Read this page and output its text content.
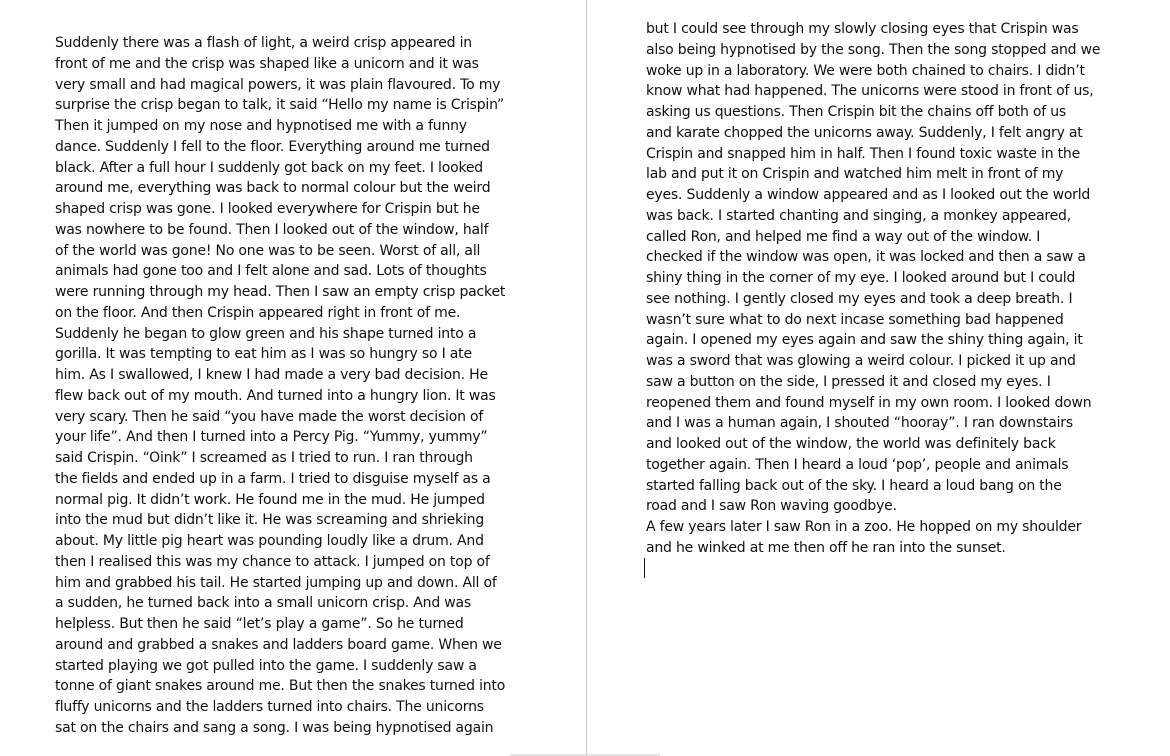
Suddenly there was a flash of light, a weird crisp appeared in
front of me and the crisp was shaped like a unicorn and it was
very small and had magical powers, it was plain flavoured. To my
surprise the crisp began to talk, it said “Hello my name is Crispin”
Then it jumped on my nose and hypnotised me with a funny
dance. Suddenly I fell to the floor. Everything around me turned
black. After a full hour I suddenly got back on my feet. I looked
around me, everything was back to normal colour but the weird
shaped crisp was gone. I looked everywhere for Crispin but he
was nowhere to be found. Then I looked out of the window, half
of the world was gone! No one was to be seen. Worst of all, all
animals had gone too and I felt alone and sad. Lots of thoughts
were running through my head. Then I saw an empty crisp packet
on the floor. And then Crispin appeared right in front of me.
Suddenly he began to glow green and his shape turned into a
gorilla. It was tempting to eat him as I was so hungry so I ate
him. As I swallowed, I knew I had made a very bad decision. He
flew back out of my mouth. And turned into a hungry lion. It was
very scary. Then he said “you have made the worst decision of
your life”. And then I turned into a Percy Pig. “Yummy, yummy”
said Crispin. “Oink” I screamed as I tried to run. I ran through
the fields and ended up in a farm. I tried to disguise myself as a
normal pig. It didn’t work. He found me in the mud. He jumped
into the mud but didn’t like it. He was screaming and shrieking
about. My little pig heart was pounding loudly like a drum. And
then I realised this was my chance to attack. I jumped on top of
him and grabbed his tail. He started jumping up and down. All of
a sudden, he turned back into a small unicorn crisp. And was
helpless. But then he said “let’s play a game”. So he turned
around and grabbed a snakes and ladders board game. When we
started playing we got pulled into the game. I suddenly saw a
tonne of giant snakes around me. But then the snakes turned into
fluffy unicorns and the ladders turned into chairs. The unicorns
sat on the chairs and sang a song. I was being hypnotised again
but I could see through my slowly closing eyes that Crispin was
also being hypnotised by the song. Then the song stopped and we
woke up in a laboratory. We were both chained to chairs. I didn’t
know what had happened. The unicorns were stood in front of us,
asking us questions. Then Crispin bit the chains off both of us
and karate chopped the unicorns away. Suddenly, I felt angry at
Crispin and snapped him in half. Then I found toxic waste in the
lab and put it on Crispin and watched him melt in front of my
eyes. Suddenly a window appeared and as I looked out the world
was back. I started chanting and singing, a monkey appeared,
called Ron, and helped me find a way out of the window. I
checked if the window was open, it was locked and then a saw a
shiny thing in the corner of my eye. I looked around but I could
see nothing. I gently closed my eyes and took a deep breath. I
wasn’t sure what to do next incase something bad happened
again. I opened my eyes again and saw the shiny thing again, it
was a sword that was glowing a weird colour. I picked it up and
saw a button on the side, I pressed it and closed my eyes. I
reopened them and found myself in my own room. I looked down
and I was a human again, I shouted “hooray”. I ran downstairs
and looked out of the window, the world was definitely back
together again. Then I heard a loud ‘pop’, people and animals
started falling back out of the sky. I heard a loud bang on the
road and I saw Ron waving goodbye.
A few years later I saw Ron in a zoo. He hopped on my shoulder
and he winked at me then off he ran into the sunset.
